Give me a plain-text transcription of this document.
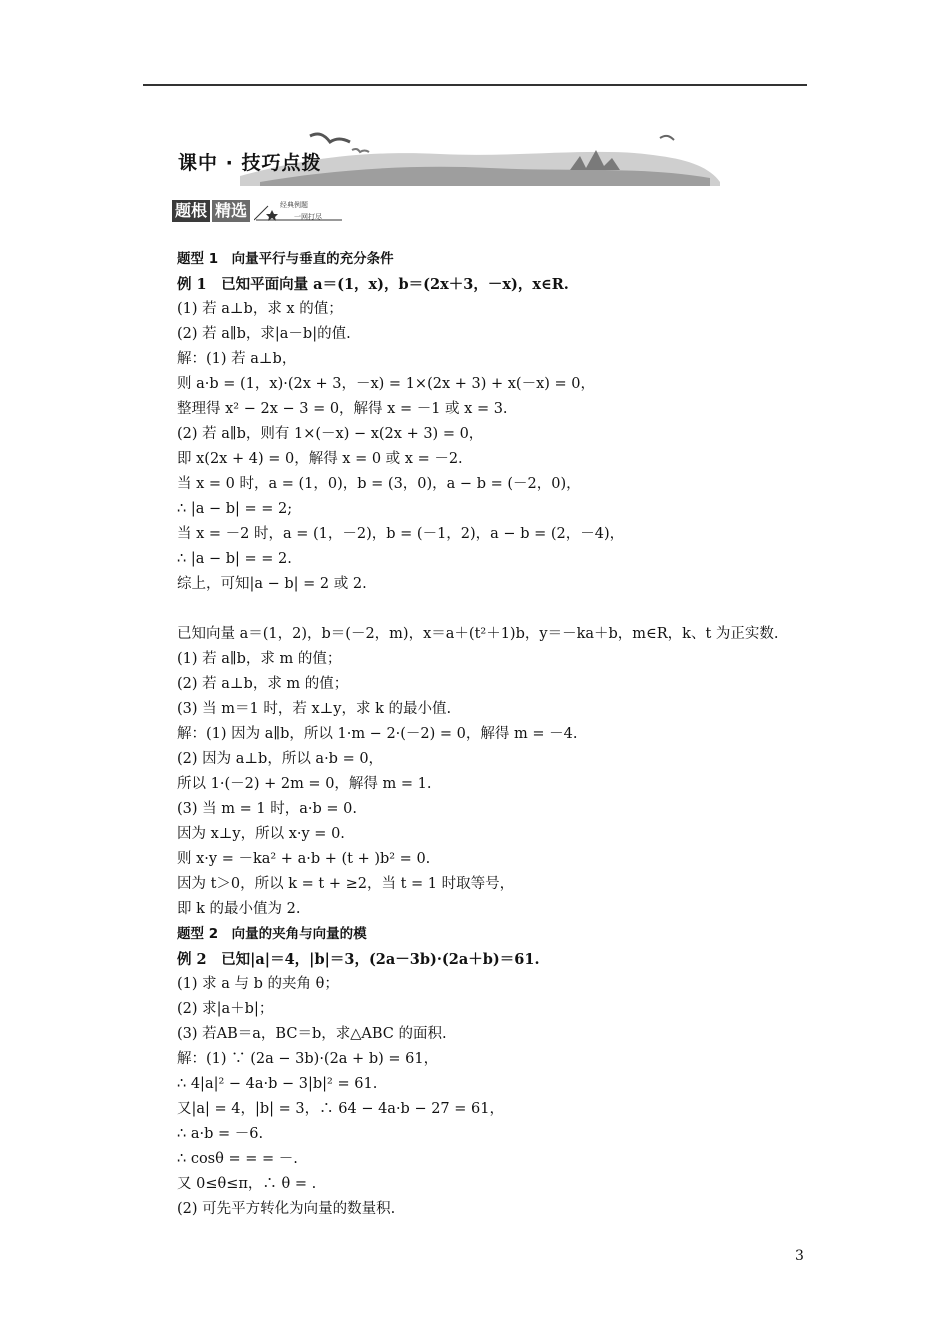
课中 · 技巧点拨
题根 精选	经典例题
一网打尽
题型 1　向量平行与垂直的充分条件
例 1　已知平面向量 a＝(1，x)，b＝(2x＋3，－x)，x∈R.
(1) 若 a⊥b，求 x 的值；
(2) 若 a∥b，求|a－b|的值.
解：(1) 若 a⊥b，
则 a·b = (1，x)·(2x + 3，－x) = 1×(2x + 3) + x(－x) = 0，
整理得 x² − 2x − 3 = 0，解得 x = －1 或 x = 3.
(2) 若 a∥b，则有 1×(－x) − x(2x + 3) = 0，
即 x(2x + 4) = 0，解得 x = 0 或 x = －2.
当 x = 0 时，a = (1，0)，b = (3，0)，a − b = (－2，0)，
∴ |a − b| = = 2;
当 x = －2 时，a = (1，－2)，b = (－1，2)，a − b = (2，－4)，
∴ |a − b| = = 2.
综上，可知|a − b| = 2 或 2.
已知向量 a＝(1，2)，b＝(－2，m)，x＝a＋(t²＋1)b，y＝－ka＋b，m∈R，k、t 为正实数.
(1) 若 a∥b，求 m 的值；
(2) 若 a⊥b，求 m 的值；
(3) 当 m＝1 时，若 x⊥y，求 k 的最小值.
解：(1) 因为 a∥b，所以 1·m − 2·(－2) = 0，解得 m = －4.
(2) 因为 a⊥b，所以 a·b = 0，
所以 1·(－2) + 2m = 0，解得 m = 1.
(3) 当 m = 1 时，a·b = 0.
因为 x⊥y，所以 x·y = 0.
则 x·y = －ka² + a·b + (t + )b² = 0.
因为 t＞0，所以 k = t + ≥2，当 t = 1 时取等号，
即 k 的最小值为 2.
题型 2　向量的夹角与向量的模
例 2　已知|a|＝4，|b|＝3，(2a－3b)·(2a＋b)＝61.
(1) 求 a 与 b 的夹角 θ；
(2) 求|a＋b|；
(3) 若AB＝a，BC＝b，求△ABC 的面积.
解：(1) ∵ (2a − 3b)·(2a + b) = 61，
∴ 4|a|² − 4a·b − 3|b|² = 61.
又|a| = 4，|b| = 3，∴ 64 − 4a·b − 27 = 61，
∴ a·b = －6.
∴ cosθ = = = －.
又 0≤θ≤π，∴ θ = .
(2) 可先平方转化为向量的数量积.
3
